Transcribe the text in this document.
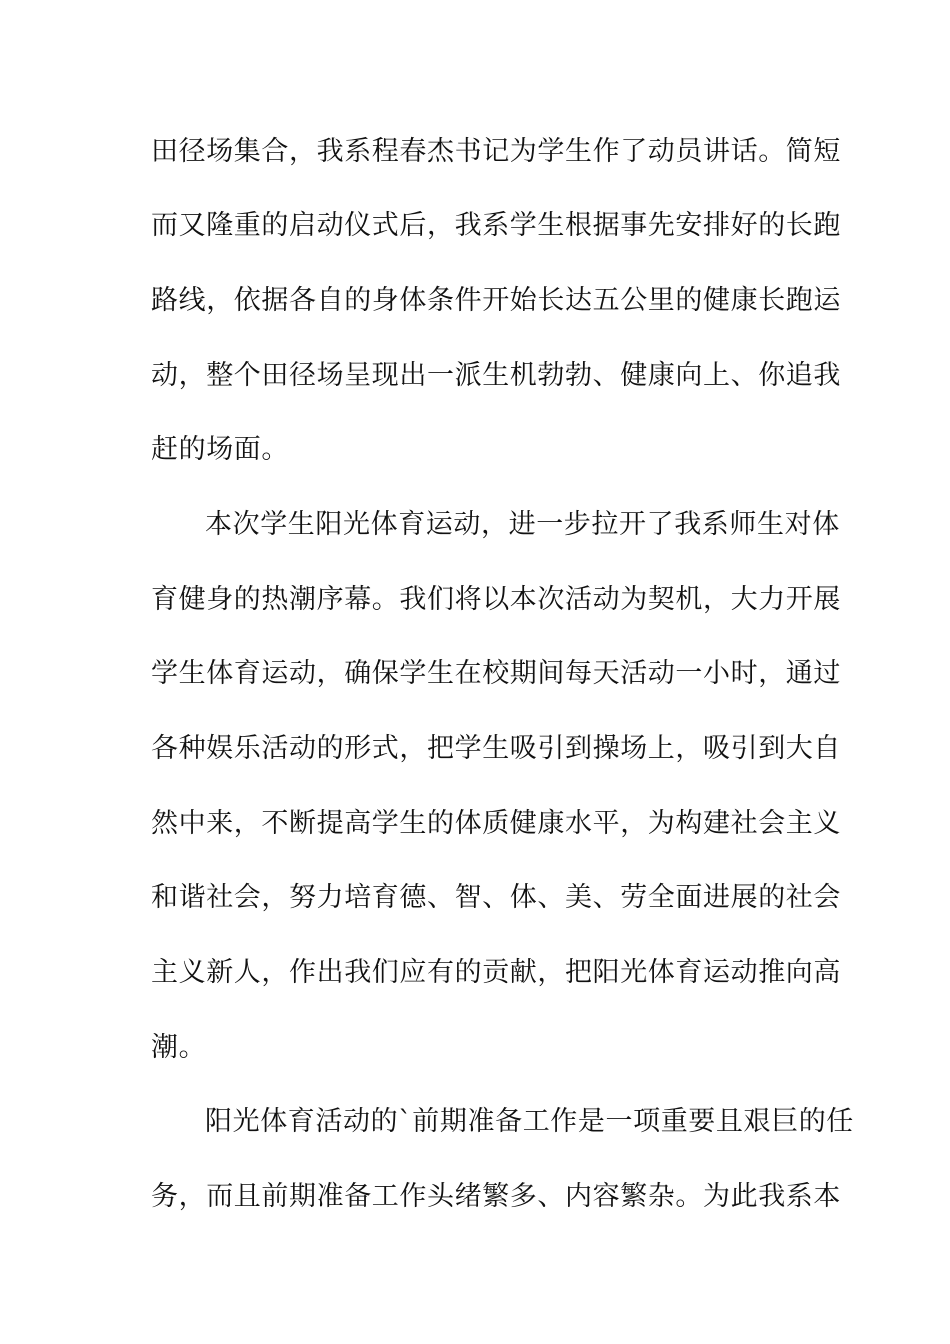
田径场集合，我系程春杰书记为学生作了动员讲话。简短
而又隆重的启动仪式后，我系学生根据事先安排好的长跑
路线，依据各自的身体条件开始长达五公里的健康长跑运
动，整个田径场呈现出一派生机勃勃、健康向上、你追我
赶的场面。
本次学生阳光体育运动，进一步拉开了我系师生对体
育健身的热潮序幕。我们将以本次活动为契机，大力开展
学生体育运动，确保学生在校期间每天活动一小时，通过
各种娱乐活动的形式，把学生吸引到操场上，吸引到大自
然中来，不断提高学生的体质健康水平，为构建社会主义
和谐社会，努力培育德、智、体、美、劳全面进展的社会
主义新人，作出我们应有的贡献，把阳光体育运动推向高
潮。
阳光体育活动的`前期准备工作是一项重要且艰巨的任
务，而且前期准备工作头绪繁多、内容繁杂。为此我系本
